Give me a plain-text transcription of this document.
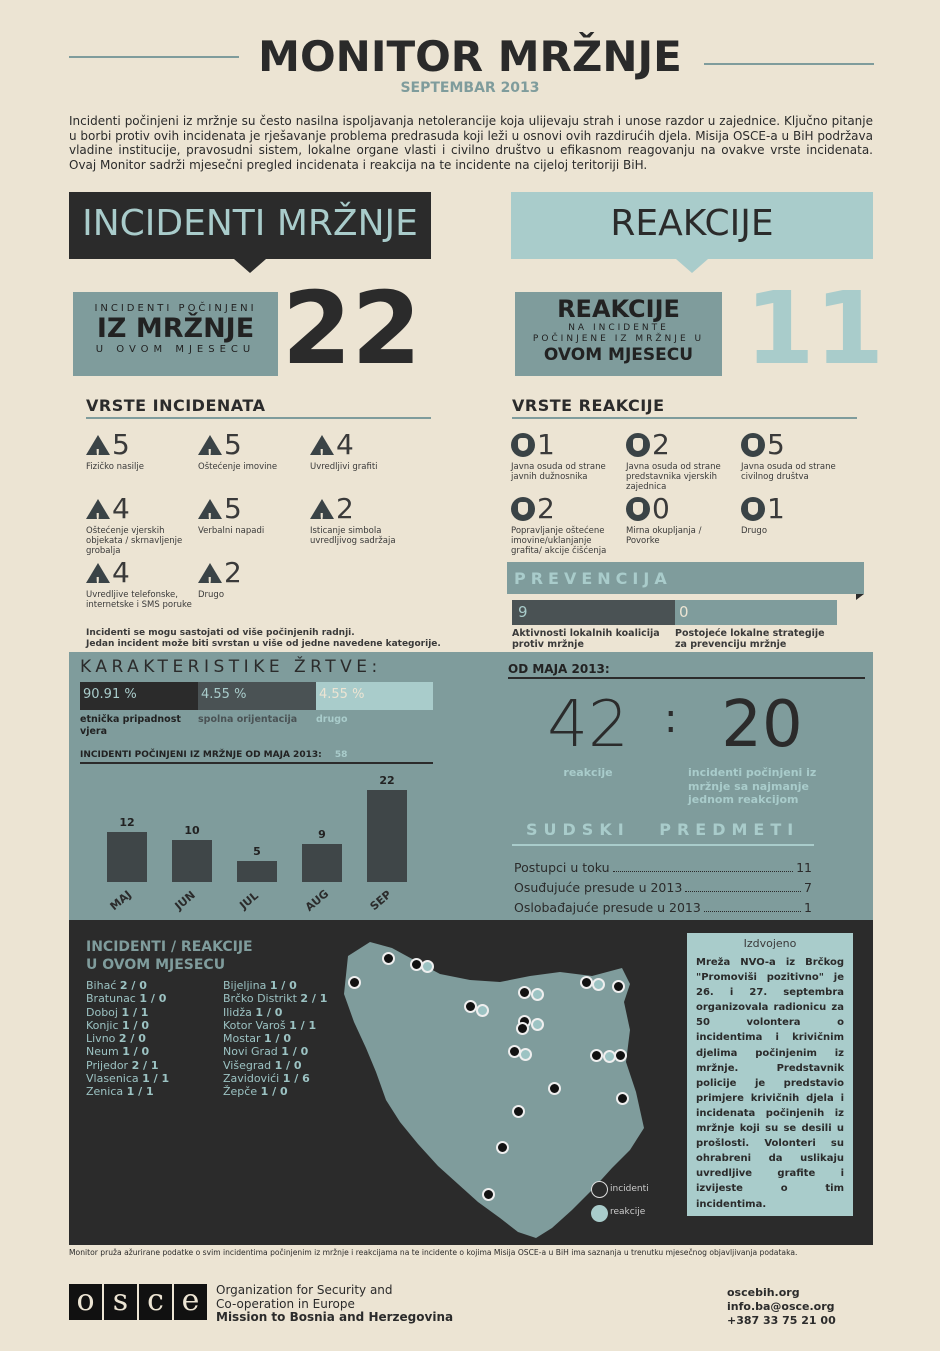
MONITOR MRŽNJE
SEPTEMBAR 2013
Incidenti počinjeni iz mržnje su često nasilna ispoljavanja netolerancije koja ulijevaju strah i unose razdor u zajednice. Ključno pitanje u borbi protiv ovih incidenata je rješavanje problema predrasuda koji leži u osnovi ovih razdirućih djela. Misija OSCE-a u BiH podržava vladine institucije, pravosudni sistem, lokalne organe vlasti i civilno društvo u efikasnom reagovanju na ovakve vrste incidenata. Ovaj Monitor sadrži mjesečni pregled incidenata i reakcija na te incidente na cijeloj teritoriji BiH.
INCIDENTI MRŽNJE	REAKCIJE
INCIDENTI POČINJENI
IZ MRŽNJE
U OVOM MJESECU 22	REAKCIJE
NA INCIDENTE POČINJENE IZ MRŽNJE U
OVOM MJESECU 11
VRSTE INCIDENATA
Incidenti se mogu sastojati od više počinjenih radnji.
Jedan incident može biti svrstan u više od jedne navedene kategorije.
VRSTE REAKCIJE
PREVENCIJA
9	0
Aktivnosti lokalnih koalicija protiv mržnje
Postojeće lokalne strategije za prevenciju mržnje
KARAKTERISTIKE ŽRTVE:
90.91 %	4.55 %	4.55 %
etnička pripadnost vjera
spolna orijentacija	drugo
INCIDENTI POČINJENI IZ MRŽNJE OD MAJA 2013: 58
12
MAJ
10
JUN
5
JUL
9
AUG
22
SEP
OD MAJA 2013:
42 : 20
reakcije	incidenti počinjeni iz mržnje sa najmanje jednom reakcijom
SUDSKI PREDMETI
Postupci u toku	11
Osuđujuće presude u 2013	7
Oslobađajuće presude u 2013	1
INCIDENTI / REAKCIJE
U OVOM MJESECU
Bihać 2 / 0
Bratunac 1 / 0
Doboj 1 / 1
Konjic 1 / 0
Livno 2 / 0
Neum 1 / 0
Prijedor 2 / 1
Vlasenica 1 / 1
Zenica 1 / 1
Bijeljina 1 / 0
Brčko Distrikt 2 / 1
Ilidža 1 / 0
Kotor Varoš 1 / 1
Mostar 1 / 0
Novi Grad 1 / 0
Višegrad 1 / 0
Zavidovići 1 / 6
Žepče 1 / 0
incidenti
reakcije
Izdvojeno
Mreža NVO-a iz Brčkog "Promoviši pozitivno" je 26. i 27. septembra organizovala radionicu za 50 volontera o incidentima i krivičnim djelima počinjenim iz mržnje. Predstavnik policije je predstavio primjere krivičnih djela i incidenata počinjenih iz mržnje koji su se desili u prošlosti. Volonteri su ohrabreni da uslikaju uvredljive grafite i izvijeste o tim incidentima.
Monitor pruža ažurirane podatke o svim incidentima počinjenim iz mržnje i reakcijama na te incidente o kojima Misija OSCE-a u BiH ima saznanja u trenutku mjesečnog objavljivanja podataka.
o s c e	Organization for Security and
Co-operation in Europe
Mission to Bosnia and Herzegovina
oscebih.org
info.ba@osce.org
+387 33 75 21 00
!
5
Fizičko nasilje
!
5
Oštećenje imovine
!
4
Uvredljivi grafiti
!
4
Oštećenje vjerskih objekata / skrnavljenje grobalja
!
5
Verbalni napadi
!
2
Isticanje simbola uvredljivog sadržaja
!
4
Uvredljive telefonske, internetske i SMS poruke
!
2
Drugo
1
Javna osuda od strane javnih dužnosnika
2
Javna osuda od strane predstavnika vjerskih zajednica
5
Javna osuda od strane civilnog društva
2
Popravljanje oštećene imovine/uklanjanje grafita/ akcije čišćenja
0
Mirna okupljanja / Povorke
1
Drugo
